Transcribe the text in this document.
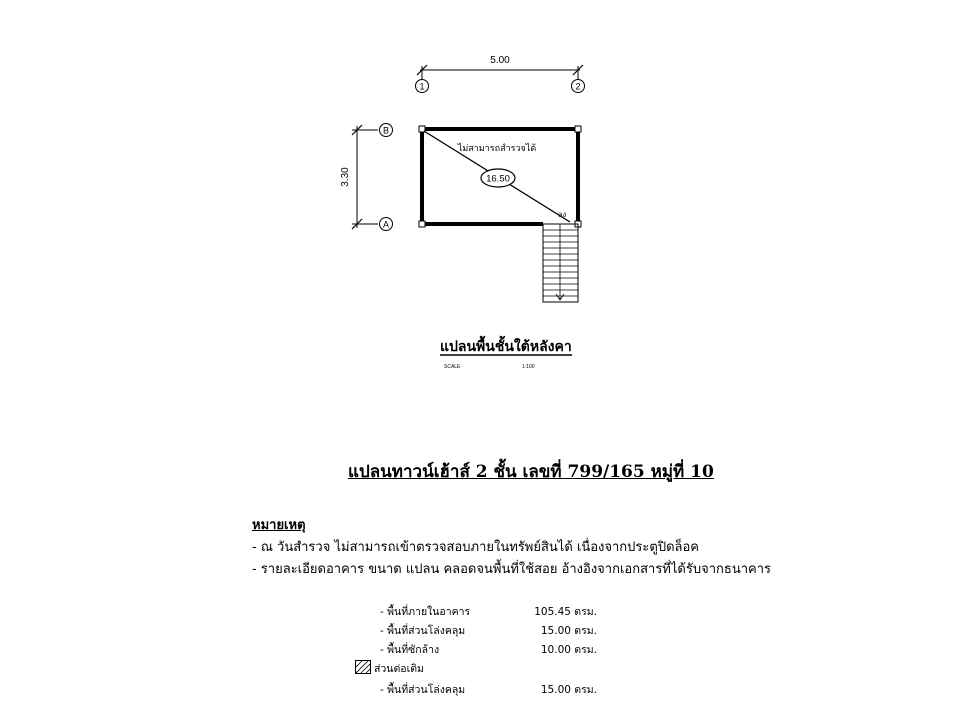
5.00
1	2
3.30
B
A
ไม่สามารถสำรวจได้
16.50
ลง
แปลนพื้นชั้นใต้หลังคา
SCALE	1:100
แปลนทาวน์เฮ้าส์ 2 ชั้น เลขที่ 799/165 หมู่ที่ 10
หมายเหตุ
- ณ วันสำรวจ ไม่สามารถเข้าตรวจสอบภายในทรัพย์สินได้ เนื่องจากประตูปิดล็อค
- รายละเอียดอาคาร ขนาด แปลน คลอดจนพื้นที่ใช้สอย อ้างอิงจากเอกสารที่ได้รับจากธนาคาร
- พื้นที่ภายในอาคาร	105.45 ตรม.
- พื้นที่ส่วนโล่งคลุม	15.00 ตรม.
- พื้นที่ซักล้าง	10.00 ตรม.
ส่วนต่อเติม
- พื้นที่ส่วนโล่งคลุม	15.00 ตรม.
